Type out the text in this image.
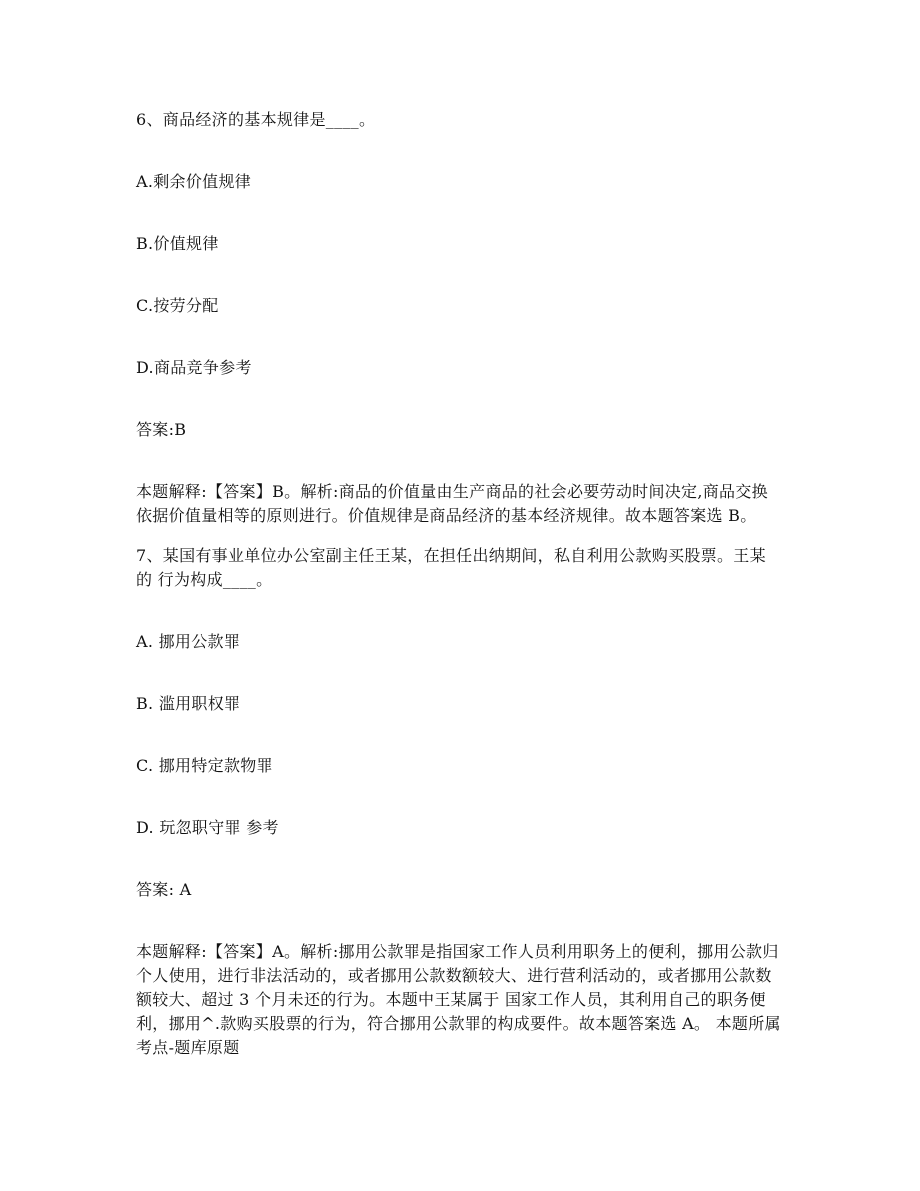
6、商品经济的基本规律是____。
A.剩余价值规律
B.价值规律
C.按劳分配
D.商品竞争参考
答案:B
本题解释:【答案】B。解析:商品的价值量由生产商品的社会必要劳动时间决定,商品交换
依据价值量相等的原则进行。价值规律是商品经济的基本经济规律。故本题答案选 B。
7、某国有事业单位办公室副主任王某，在担任出纳期间，私自利用公款购买股票。王某
的 行为构成____。
A. 挪用公款罪
B. 滥用职权罪
C. 挪用特定款物罪
D. 玩忽职守罪 参考
答案: A
本题解释:【答案】A。解析:挪用公款罪是指国家工作人员利用职务上的便利，挪用公款归
个人使用，进行非法活动的，或者挪用公款数额较大、进行营利活动的，或者挪用公款数
额较大、超过 3 个月未还的行为。本题中王某属于 国家工作人员，其利用自己的职务便
利，挪用^.款购买股票的行为，符合挪用公款罪的构成要件。故本题答案选 A。 本题所属
考点-题库原题
